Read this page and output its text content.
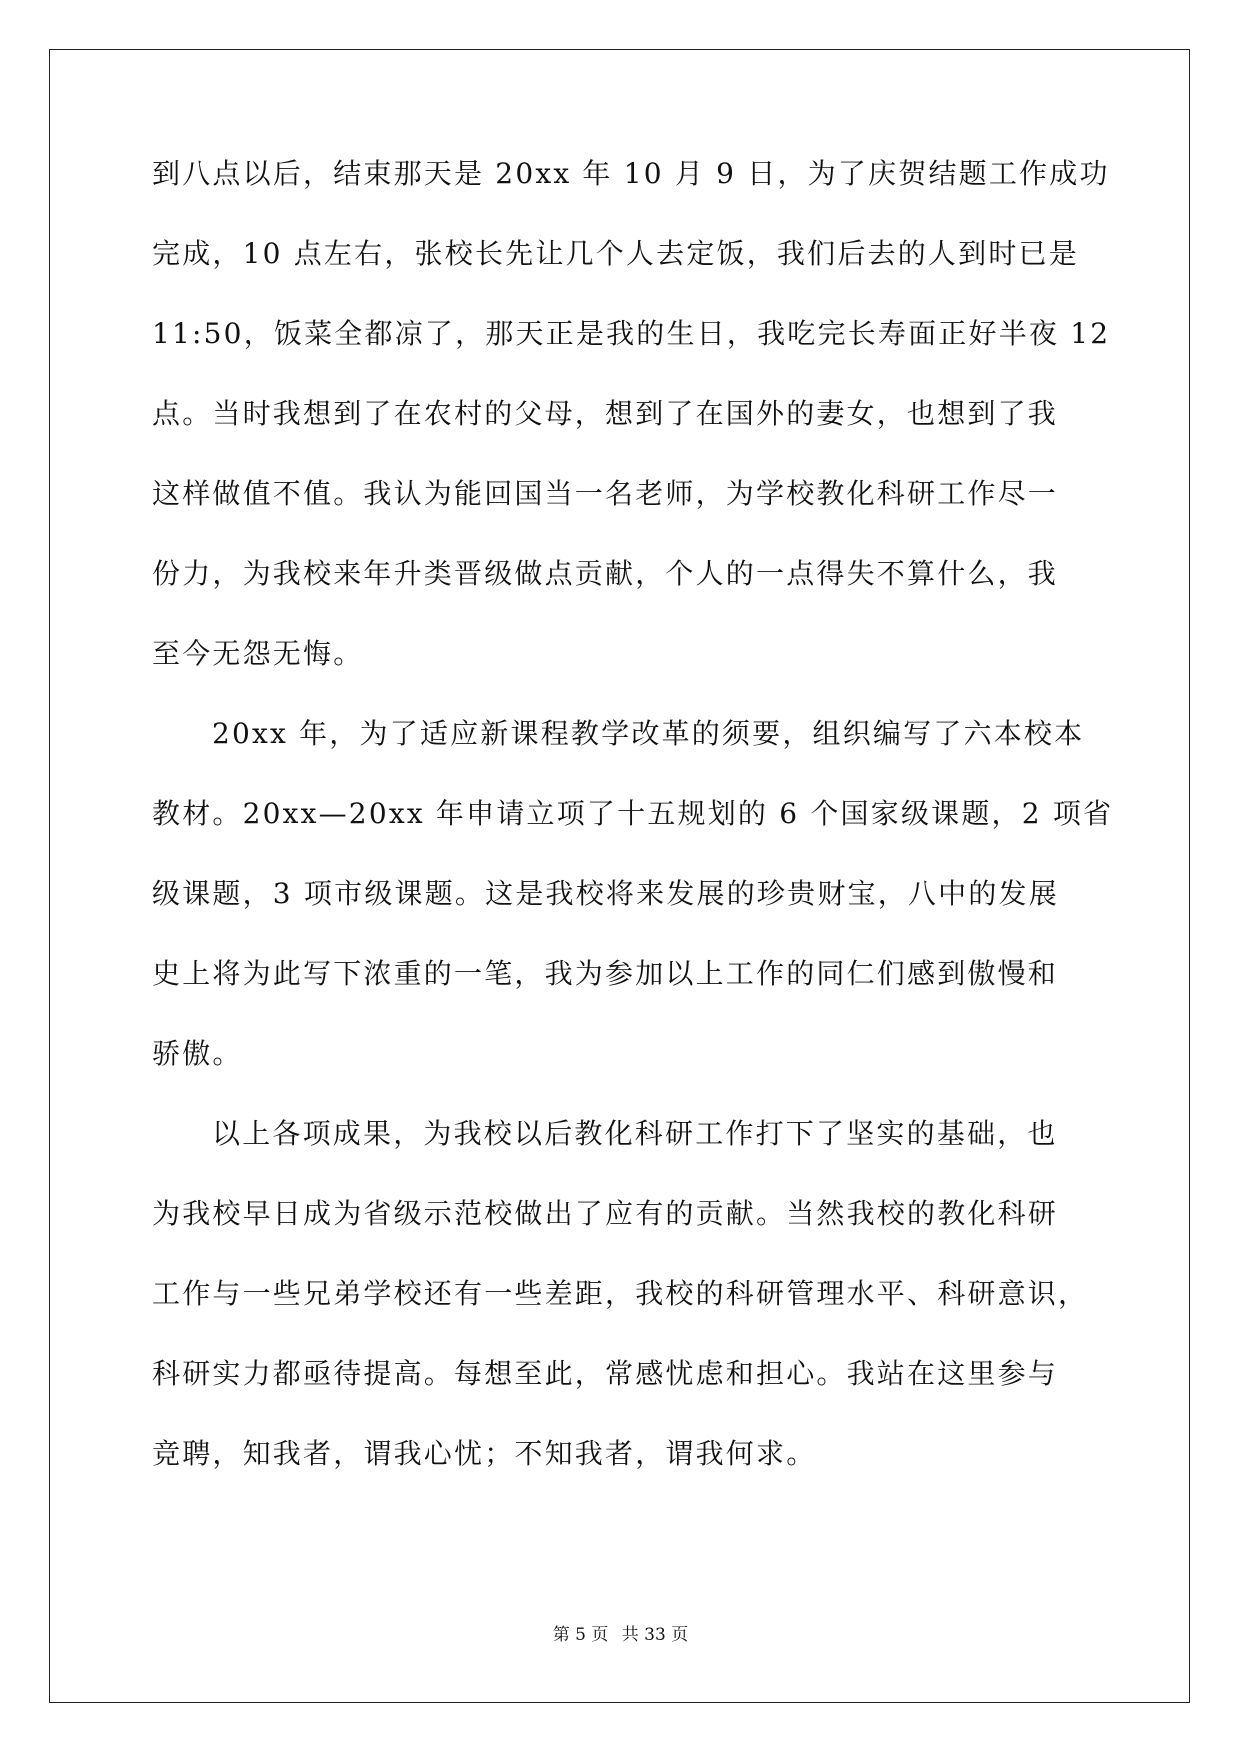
到八点以后，结束那天是 20xx 年 10 月 9 日，为了庆贺结题工作成功
完成，10 点左右，张校长先让几个人去定饭，我们后去的人到时已是
11:50，饭菜全都凉了，那天正是我的生日，我吃完长寿面正好半夜 12
点。当时我想到了在农村的父母，想到了在国外的妻女，也想到了我
这样做值不值。我认为能回国当一名老师，为学校教化科研工作尽一
份力，为我校来年升类晋级做点贡献，个人的一点得失不算什么，我
至今无怨无悔。
20xx 年，为了适应新课程教学改革的须要，组织编写了六本校本
教材。20xx—20xx 年申请立项了十五规划的 6 个国家级课题，2 项省
级课题，3 项市级课题。这是我校将来发展的珍贵财宝，八中的发展
史上将为此写下浓重的一笔，我为参加以上工作的同仁们感到傲慢和
骄傲。
以上各项成果，为我校以后教化科研工作打下了坚实的基础，也
为我校早日成为省级示范校做出了应有的贡献。当然我校的教化科研
工作与一些兄弟学校还有一些差距，我校的科研管理水平、科研意识，
科研实力都亟待提高。每想至此，常感忧虑和担心。我站在这里参与
竞聘，知我者，谓我心忧；不知我者，谓我何求。
第 5 页 共 33 页
